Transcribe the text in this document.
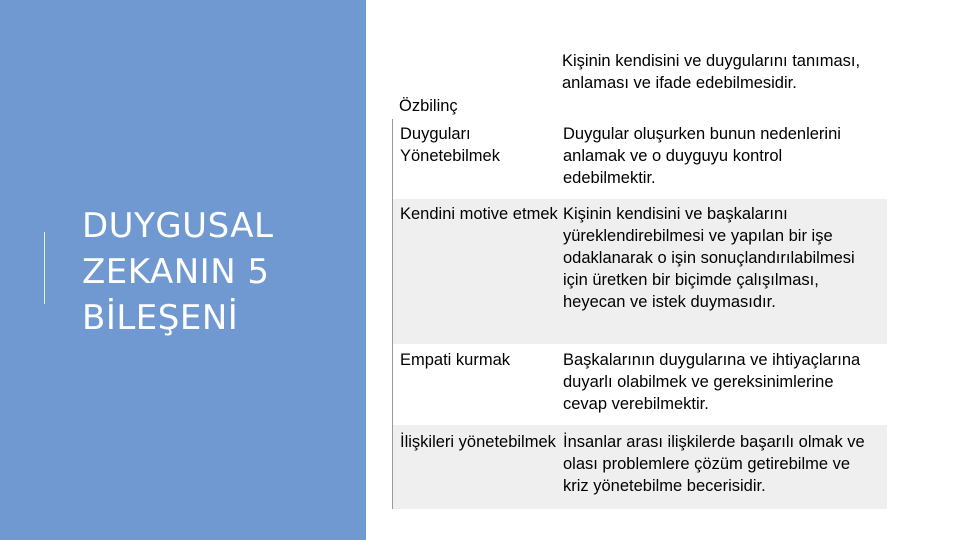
DUYGUSAL
ZEKANIN 5
BİLEŞENİ
Özbilinç
Kişinin kendisini ve duygularını tanıması, anlaması ve ifade edebilmesidir.
Duyguları Yönetebilmek
Duygular oluşurken bunun nedenlerini anlamak ve o duyguyu kontrol edebilmektir.
Kendini motive etmek Kişinin kendisini ve başkalarını yüreklendirebilmesi ve yapılan bir işe odaklanarak o işin sonuçlandırılabilmesi için üretken bir biçimde çalışılması, heyecan ve istek duymasıdır.
Empati kurmak	Başkalarının duygularına ve ihtiyaçlarına duyarlı olabilmek ve gereksinimlerine cevap verebilmektir.
İlişkileri yönetebilmek İnsanlar arası ilişkilerde başarılı olmak ve olası problemlere çözüm getirebilme ve kriz yönetebilme becerisidir.
